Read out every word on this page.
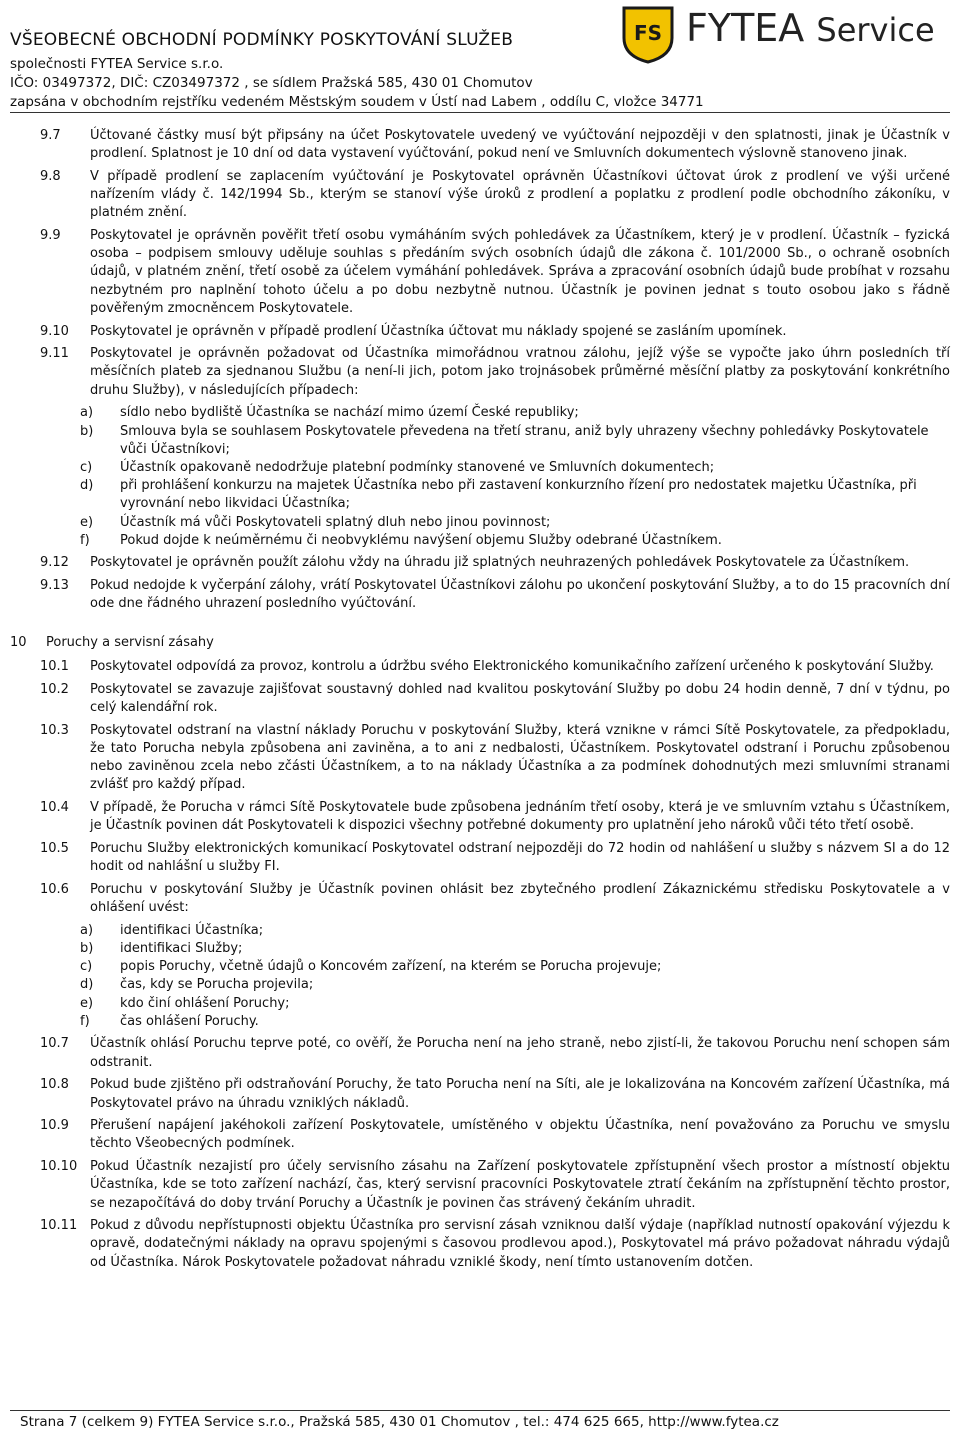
VŠEOBECNÉ OBCHODNÍ PODMÍNKY POSKYTOVÁNÍ SLUŽEB
společnosti FYTEA Service s.r.o.
IČO: 03497372, DIČ: CZ03497372 , se sídlem Pražská 585, 430 01 Chomutov
zapsána v obchodním rejstříku vedeném Městským soudem v Ústí nad Labem , oddílu C, vložce 34771
FS FYTEA Service
9.7 Účtované částky musí být připsány na účet Poskytovatele uvedený ve vyúčtování nejpozději v den splatnosti, jinak je Účastník v prodlení. Splatnost je 10 dní od data vystavení vyúčtování, pokud není ve Smluvních dokumentech výslovně stanoveno jinak.
9.8 V případě prodlení se zaplacením vyúčtování je Poskytovatel oprávněn Účastníkovi účtovat úrok z prodlení ve výši určené nařízením vlády č. 142/1994 Sb., kterým se stanoví výše úroků z prodlení a poplatku z prodlení podle obchodního zákoníku, v platném znění.
9.9 Poskytovatel je oprávněn pověřit třetí osobu vymáháním svých pohledávek za Účastníkem, který je v prodlení. Účastník – fyzická osoba – podpisem smlouvy uděluje souhlas s předáním svých osobních údajů dle zákona č. 101/2000 Sb., o ochraně osobních údajů, v platném znění, třetí osobě za účelem vymáhání pohledávek. Správa a zpracování osobních údajů bude probíhat v rozsahu nezbytném pro naplnění tohoto účelu a po dobu nezbytně nutnou. Účastník je povinen jednat s touto osobou jako s řádně pověřeným zmocněncem Poskytovatele.
9.10 Poskytovatel je oprávněn v případě prodlení Účastníka účtovat mu náklady spojené se zasláním upomínek.
9.11 Poskytovatel je oprávněn požadovat od Účastníka mimořádnou vratnou zálohu, jejíž výše se vypočte jako úhrn posledních tří měsíčních plateb za sjednanou Službu (a není-li jich, potom jako trojnásobek průměrné měsíční platby za poskytování konkrétního druhu Služby), v následujících případech:
a) sídlo nebo bydliště Účastníka se nachází mimo území České republiky;
b) Smlouva byla se souhlasem Poskytovatele převedena na třetí stranu, aniž byly uhrazeny všechny pohledávky Poskytovatele vůči Účastníkovi;
c) Účastník opakovaně nedodržuje platební podmínky stanovené ve Smluvních dokumentech;
d) při prohlášení konkurzu na majetek Účastníka nebo při zastavení konkurzního řízení pro nedostatek majetku Účastníka, při vyrovnání nebo likvidaci Účastníka;
e) Účastník má vůči Poskytovateli splatný dluh nebo jinou povinnost;
f) Pokud dojde k neúměrnému či neobvyklému navýšení objemu Služby odebrané Účastníkem.
9.12 Poskytovatel je oprávněn použít zálohu vždy na úhradu již splatných neuhrazených pohledávek Poskytovatele za Účastníkem.
9.13 Pokud nedojde k vyčerpání zálohy, vrátí Poskytovatel Účastníkovi zálohu po ukončení poskytování Služby, a to do 15 pracovních dní ode dne řádného uhrazení posledního vyúčtování.
10 Poruchy a servisní zásahy
10.1 Poskytovatel odpovídá za provoz, kontrolu a údržbu svého Elektronického komunikačního zařízení určeného k poskytování Služby.
10.2 Poskytovatel se zavazuje zajišťovat soustavný dohled nad kvalitou poskytování Služby po dobu 24 hodin denně, 7 dní v týdnu, po celý kalendářní rok.
10.3 Poskytovatel odstraní na vlastní náklady Poruchu v poskytování Služby, která vznikne v rámci Sítě Poskytovatele, za předpokladu, že tato Porucha nebyla způsobena ani zaviněna, a to ani z nedbalosti, Účastníkem. Poskytovatel odstraní i Poruchu způsobenou nebo zaviněnou zcela nebo zčásti Účastníkem, a to na náklady Účastníka a za podmínek dohodnutých mezi smluvními stranami zvlášť pro každý případ.
10.4 V případě, že Porucha v rámci Sítě Poskytovatele bude způsobena jednáním třetí osoby, která je ve smluvním vztahu s Účastníkem, je Účastník povinen dát Poskytovateli k dispozici všechny potřebné dokumenty pro uplatnění jeho nároků vůči této třetí osobě.
10.5 Poruchu Služby elektronických komunikací Poskytovatel odstraní nejpozději do 72 hodin od nahlášení u služby s názvem SI a do 12 hodit od nahlášní u služby FI.
10.6 Poruchu v poskytování Služby je Účastník povinen ohlásit bez zbytečného prodlení Zákaznickému středisku Poskytovatele a v ohlášení uvést:
a) identifikaci Účastníka;
b) identifikaci Služby;
c) popis Poruchy, včetně údajů o Koncovém zařízení, na kterém se Porucha projevuje;
d) čas, kdy se Porucha projevila;
e) kdo činí ohlášení Poruchy;
f) čas ohlášení Poruchy.
10.7 Účastník ohlásí Poruchu teprve poté, co ověří, že Porucha není na jeho straně, nebo zjistí-li, že takovou Poruchu není schopen sám odstranit.
10.8 Pokud bude zjištěno při odstraňování Poruchy, že tato Porucha není na Síti, ale je lokalizována na Koncovém zařízení Účastníka, má Poskytovatel právo na úhradu vzniklých nákladů.
10.9 Přerušení napájení jakéhokoli zařízení Poskytovatele, umístěného v objektu Účastníka, není považováno za Poruchu ve smyslu těchto Všeobecných podmínek.
10.10 Pokud Účastník nezajistí pro účely servisního zásahu na Zařízení poskytovatele zpřístupnění všech prostor a místností objektu Účastníka, kde se toto zařízení nachází, čas, který servisní pracovníci Poskytovatele ztratí čekáním na zpřístupnění těchto prostor, se nezapočítává do doby trvání Poruchy a Účastník je povinen čas strávený čekáním uhradit.
10.11 Pokud z důvodu nepřístupnosti objektu Účastníka pro servisní zásah vzniknou další výdaje (například nutností opakování výjezdu k opravě, dodatečnými náklady na opravu spojenými s časovou prodlevou apod.), Poskytovatel má právo požadovat náhradu výdajů od Účastníka. Nárok Poskytovatele požadovat náhradu vzniklé škody, není tímto ustanovením dotčen.
Strana 7 (celkem 9) FYTEA Service s.r.o., Pražská 585, 430 01 Chomutov , tel.: 474 625 665, http://www.fytea.cz
